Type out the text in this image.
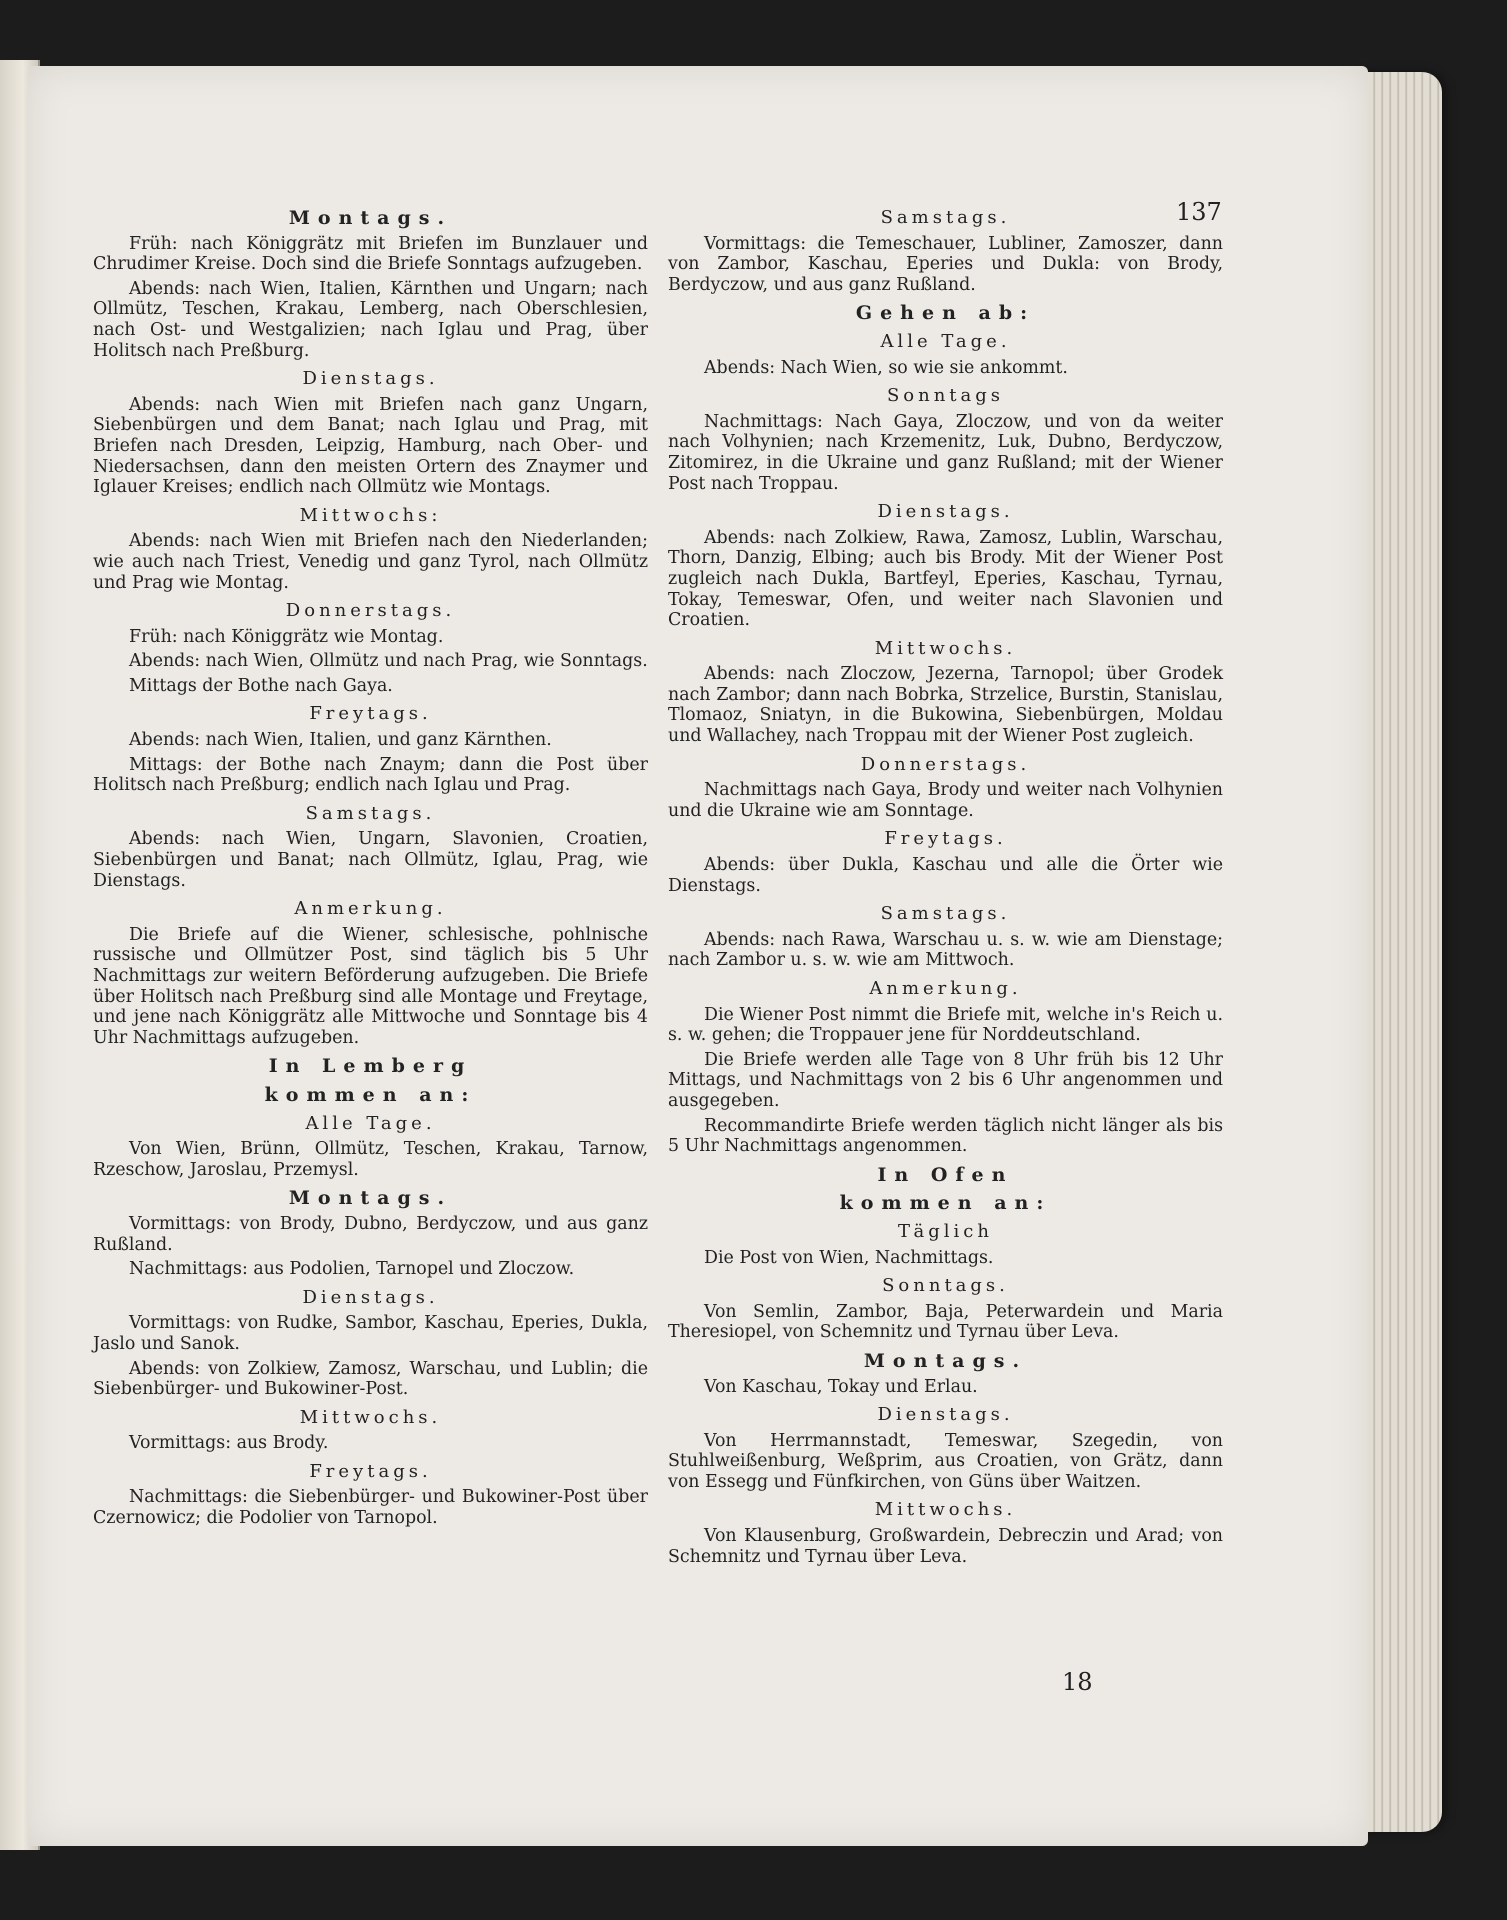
137
Montags.

Früh: nach Königgrätz mit Briefen im Bunzlauer und Chrudimer Kreise. Doch sind die Briefe Sonntags aufzugeben.

Abends: nach Wien, Italien, Kärnthen und Ungarn; nach Ollmütz, Teschen, Krakau, Lemberg, nach Oberschlesien, nach Ost- und Westgalizien; nach Iglau und Prag, über Holitsch nach Preßburg.

Dienstags.

Abends: nach Wien mit Briefen nach ganz Ungarn, Siebenbürgen und dem Banat; nach Iglau und Prag, mit Briefen nach Dresden, Leipzig, Hamburg, nach Ober- und Niedersachsen, dann den meisten Ortern des Znaymer und Iglauer Kreises; endlich nach Ollmütz wie Montags.

Mittwochs:

Abends: nach Wien mit Briefen nach den Niederlanden; wie auch nach Triest, Venedig und ganz Tyrol, nach Ollmütz und Prag wie Montag.

Donnerstags.

Früh: nach Königgrätz wie Montag.

Abends: nach Wien, Ollmütz und nach Prag, wie Sonntags.

Mittags der Bothe nach Gaya.

Freytags.

Abends: nach Wien, Italien, und ganz Kärnthen.

Mittags: der Bothe nach Znaym; dann die Post über Holitsch nach Preßburg; endlich nach Iglau und Prag.

Samstags.

Abends: nach Wien, Ungarn, Slavonien, Croatien, Siebenbürgen und Banat; nach Ollmütz, Iglau, Prag, wie Dienstags.

Anmerkung.

Die Briefe auf die Wiener, schlesische, pohlnische russische und Ollmützer Post, sind täglich bis 5 Uhr Nachmittags zur weitern Beförderung aufzugeben. Die Briefe über Holitsch nach Preßburg sind alle Montage und Freytage, und jene nach Königgrätz alle Mittwoche und Sonntage bis 4 Uhr Nachmittags aufzugeben.

In Lemberg
kommen an:
Alle Tage.

Von Wien, Brünn, Ollmütz, Teschen, Krakau, Tarnow, Rzeschow, Jaroslau, Przemysl.

Montags.

Vormittags: von Brody, Dubno, Berdyczow, und aus ganz Rußland.

Nachmittags: aus Podolien, Tarnopel und Zloczow.

Dienstags.

Vormittags: von Rudke, Sambor, Kaschau, Eperies, Dukla, Jaslo und Sanok.

Abends: von Zolkiew, Zamosz, Warschau, und Lublin; die Siebenbürger- und Bukowiner-Post.

Mittwochs.

Vormittags: aus Brody.

Freytags.

Nachmittags: die Siebenbürger- und Bukowiner-Post über Czernowicz; die Podolier von Tarnopol.

Samstags.

Vormittags: die Temeschauer, Lubliner, Zamoszer, dann von Zambor, Kaschau, Eperies und Dukla: von Brody, Berdyczow, und aus ganz Rußland.

Gehen ab:
Alle Tage.

Abends: Nach Wien, so wie sie ankommt.

Sonntags

Nachmittags: Nach Gaya, Zloczow, und von da weiter nach Volhynien; nach Krzemenitz, Luk, Dubno, Berdyczow, Zitomirez, in die Ukraine und ganz Rußland; mit der Wiener Post nach Troppau.

Dienstags.

Abends: nach Zolkiew, Rawa, Zamosz, Lublin, Warschau, Thorn, Danzig, Elbing; auch bis Brody. Mit der Wiener Post zugleich nach Dukla, Bartfeyl, Eperies, Kaschau, Tyrnau, Tokay, Temeswar, Ofen, und weiter nach Slavonien und Croatien.

Mittwochs.

Abends: nach Zloczow, Jezerna, Tarnopol; über Grodek nach Zambor; dann nach Bobrka, Strzelice, Burstin, Stanislau, Tlomaoz, Sniatyn, in die Bukowina, Siebenbürgen, Moldau und Wallachey, nach Troppau mit der Wiener Post zugleich.

Donnerstags.

Nachmittags nach Gaya, Brody und weiter nach Volhynien und die Ukraine wie am Sonntage.

Freytags.

Abends: über Dukla, Kaschau und alle die Örter wie Dienstags.

Samstags.

Abends: nach Rawa, Warschau u. s. w. wie am Dienstage; nach Zambor u. s. w. wie am Mittwoch.

Anmerkung.

Die Wiener Post nimmt die Briefe mit, welche in's Reich u. s. w. gehen; die Troppauer jene für Norddeutschland.

Die Briefe werden alle Tage von 8 Uhr früh bis 12 Uhr Mittags, und Nachmittags von 2 bis 6 Uhr angenommen und ausgegeben.

Recommandirte Briefe werden täglich nicht länger als bis 5 Uhr Nachmittags angenommen.

In Ofen
kommen an:
Täglich

Die Post von Wien, Nachmittags.

Sonntags.

Von Semlin, Zambor, Baja, Peterwardein und Maria Theresiopel, von Schemnitz und Tyrnau über Leva.

Montags.

Von Kaschau, Tokay und Erlau.

Dienstags.

Von Herrmannstadt, Temeswar, Szegedin, von Stuhlweißenburg, Weßprim, aus Croatien, von Grätz, dann von Essegg und Fünfkirchen, von Güns über Waitzen.

Mittwochs.

Von Klausenburg, Großwardein, Debreczin und Arad; von Schemnitz und Tyrnau über Leva.

18
